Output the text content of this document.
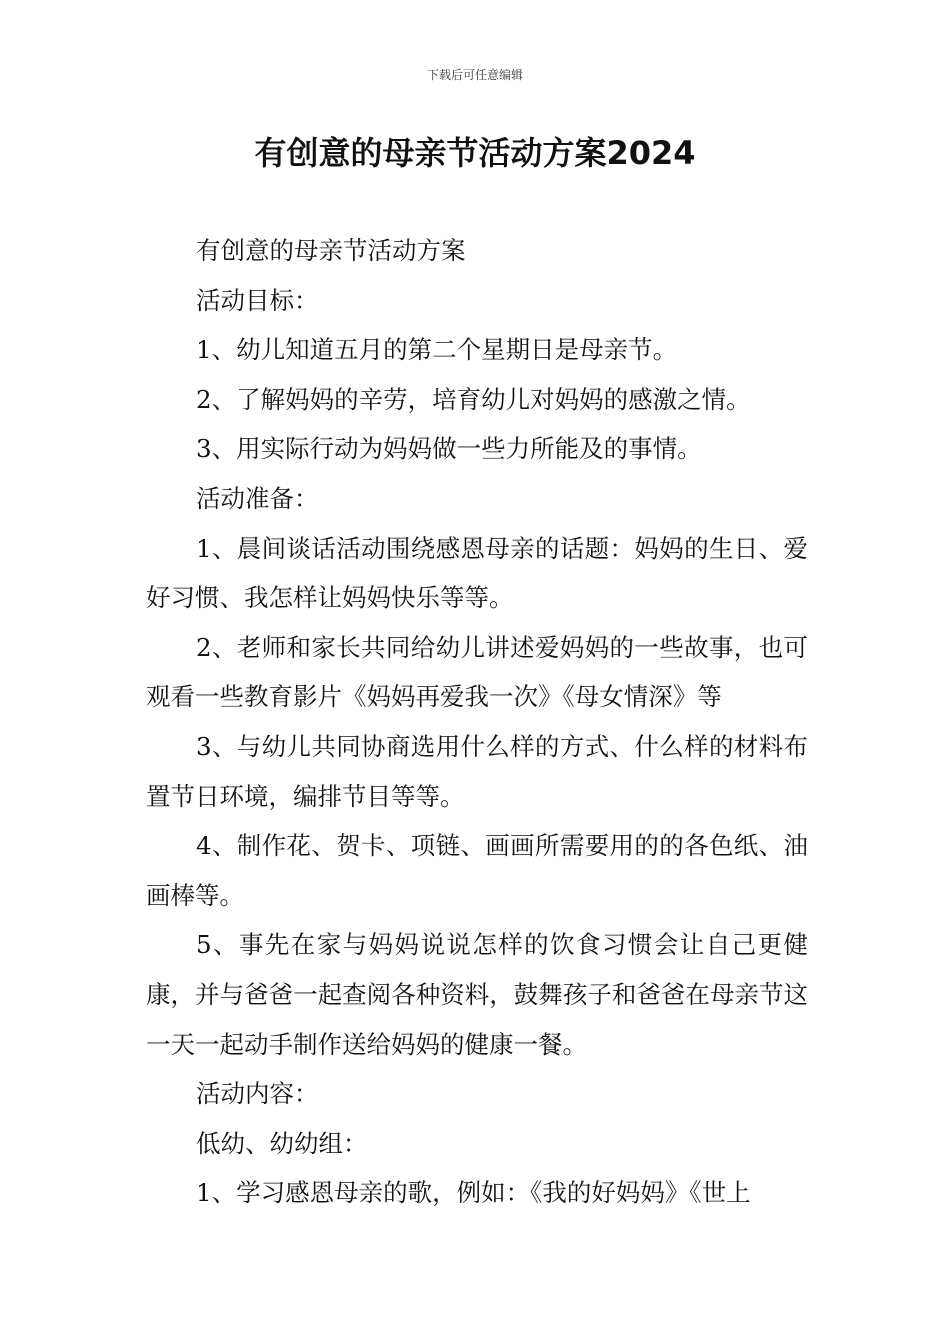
下载后可任意编辑
有创意的母亲节活动方案2024

有创意的母亲节活动方案

活动目标：

1、幼儿知道五月的第二个星期日是母亲节。

2、了解妈妈的辛劳，培育幼儿对妈妈的感激之情。

3、用实际行动为妈妈做一些力所能及的事情。

活动准备：

1、晨间谈话活动围绕感恩母亲的话题：妈妈的生日、爱好习惯、我怎样让妈妈快乐等等。

2、老师和家长共同给幼儿讲述爱妈妈的一些故事，也可观看一些教育影片《妈妈再爱我一次》《母女情深》等

3、与幼儿共同协商选用什么样的方式、什么样的材料布置节日环境，编排节目等等。

4、制作花、贺卡、项链、画画所需要用的的各色纸、油画棒等。

5、事先在家与妈妈说说怎样的饮食习惯会让自己更健康，并与爸爸一起查阅各种资料，鼓舞孩子和爸爸在母亲节这一天一起动手制作送给妈妈的健康一餐。

活动内容：

低幼、幼幼组：

1、学习感恩母亲的歌，例如：《我的好妈妈》《世上
